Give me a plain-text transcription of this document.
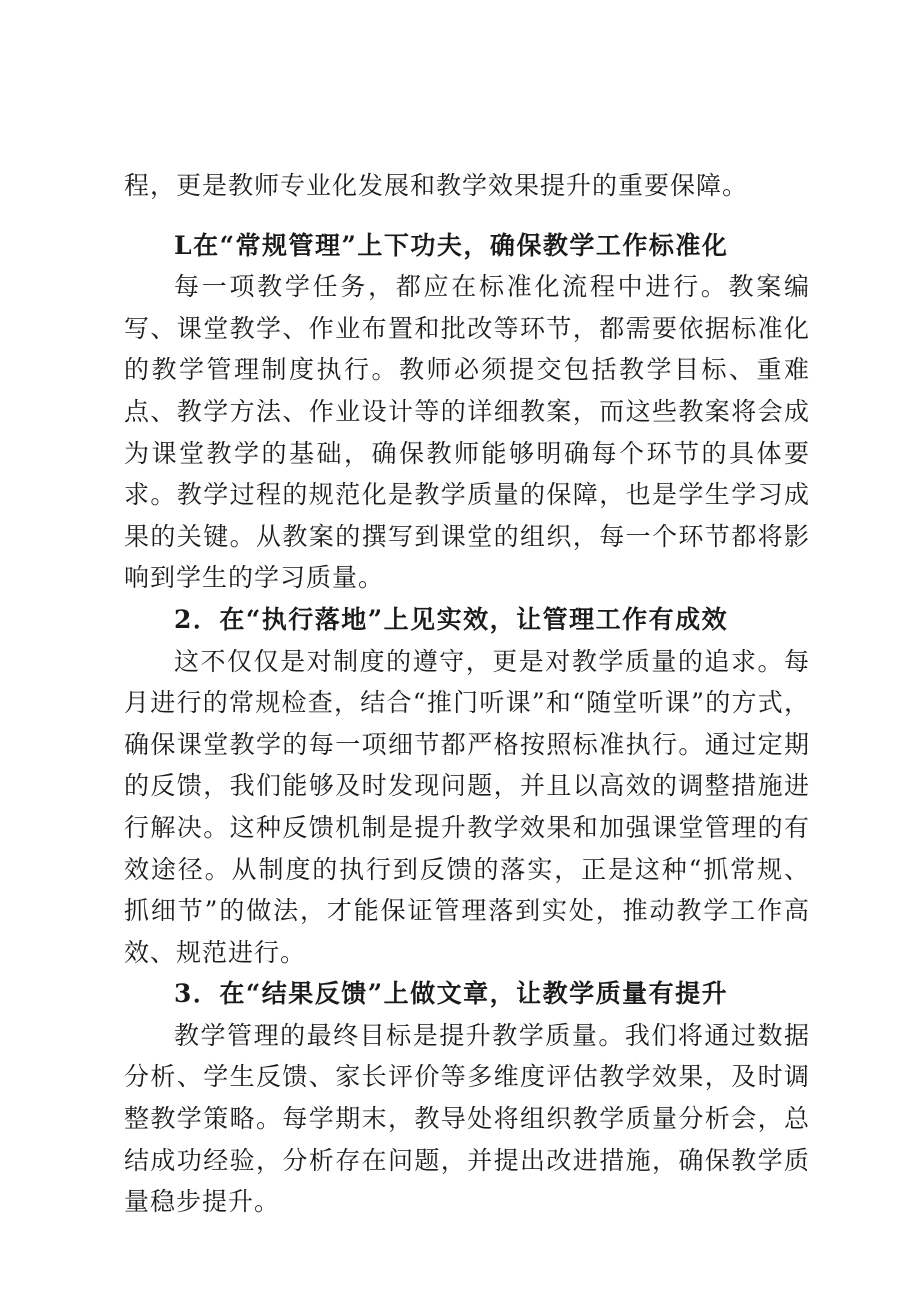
程，更是教师专业化发展和教学效果提升的重要保障。

L在“常规管理”上下功夫，确保教学工作标准化

每一项教学任务，都应在标准化流程中进行。教案编写、课堂教学、作业布置和批改等环节，都需要依据标准化的教学管理制度执行。教师必须提交包括教学目标、重难点、教学方法、作业设计等的详细教案，而这些教案将会成为课堂教学的基础，确保教师能够明确每个环节的具体要求。教学过程的规范化是教学质量的保障，也是学生学习成果的关键。从教案的撰写到课堂的组织，每一个环节都将影响到学生的学习质量。

2．在“执行落地”上见实效，让管理工作有成效

这不仅仅是对制度的遵守，更是对教学质量的追求。每月进行的常规检查，结合“推门听课”和“随堂听课”的方式，确保课堂教学的每一项细节都严格按照标准执行。通过定期的反馈，我们能够及时发现问题，并且以高效的调整措施进行解决。这种反馈机制是提升教学效果和加强课堂管理的有效途径。从制度的执行到反馈的落实，正是这种“抓常规、抓细节”的做法，才能保证管理落到实处，推动教学工作高效、规范进行。

3．在“结果反馈”上做文章，让教学质量有提升

教学管理的最终目标是提升教学质量。我们将通过数据分析、学生反馈、家长评价等多维度评估教学效果，及时调整教学策略。每学期末，教导处将组织教学质量分析会，总结成功经验，分析存在问题，并提出改进措施，确保教学质量稳步提升。
